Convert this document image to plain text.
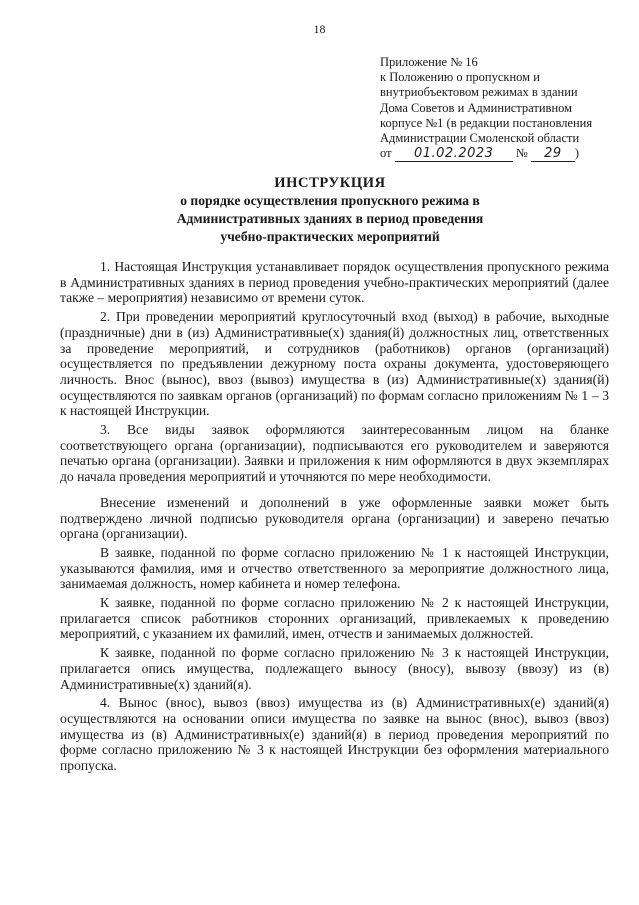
18
Приложение № 16
к Положению о пропускном и
внутриобъектовом режимах в здании
Дома Советов и Административном
корпусе №1 (в редакции постановления
Администрации Смоленской области
от 01.02.2023 № 29 )
ИНСТРУКЦИЯ
о порядке осуществления пропускного режима в
Административных зданиях в период проведения
учебно-практических мероприятий

1. Настоящая Инструкция устанавливает порядок осуществления пропускного режима в Административных зданиях в период проведения учебно-практических мероприятий (далее также – мероприятия) независимо от времени суток.

2. При проведении мероприятий круглосуточный вход (выход) в рабочие, выходные (праздничные) дни в (из) Административные(х) здания(й) должностных лиц, ответственных за проведение мероприятий, и сотрудников (работников) органов (организаций) осуществляется по предъявлении дежурному поста охраны документа, удостоверяющего личность. Внос (вынос), ввоз (вывоз) имущества в (из) Административные(х) здания(й) осуществляются по заявкам органов (организаций) по формам согласно приложениям № 1 – 3 к настоящей Инструкции.

3. Все виды заявок оформляются заинтересованным лицом на бланке соответствующего органа (организации), подписываются его руководителем и заверяются печатью органа (организации). Заявки и приложения к ним оформляются в двух экземплярах до начала проведения мероприятий и уточняются по мере необходимости.

Внесение изменений и дополнений в уже оформленные заявки может быть подтверждено личной подписью руководителя органа (организации) и заверено печатью органа (организации).

В заявке, поданной по форме согласно приложению № 1 к настоящей Инструкции, указываются фамилия, имя и отчество ответственного за мероприятие должностного лица, занимаемая должность, номер кабинета и номер телефона.

К заявке, поданной по форме согласно приложению № 2 к настоящей Инструкции, прилагается список работников сторонних организаций, привлекаемых к проведению мероприятий, с указанием их фамилий, имен, отчеств и занимаемых должностей.

К заявке, поданной по форме согласно приложению № 3 к настоящей Инструкции, прилагается опись имущества, подлежащего выносу (вносу), вывозу (ввозу) из (в) Административные(х) зданий(я).

4. Вынос (внос), вывоз (ввоз) имущества из (в) Административных(е) зданий(я) осуществляются на основании описи имущества по заявке на вынос (внос), вывоз (ввоз) имущества из (в) Административных(е) зданий(я) в период проведения мероприятий по форме согласно приложению № 3 к настоящей Инструкции без оформления материального пропуска.
